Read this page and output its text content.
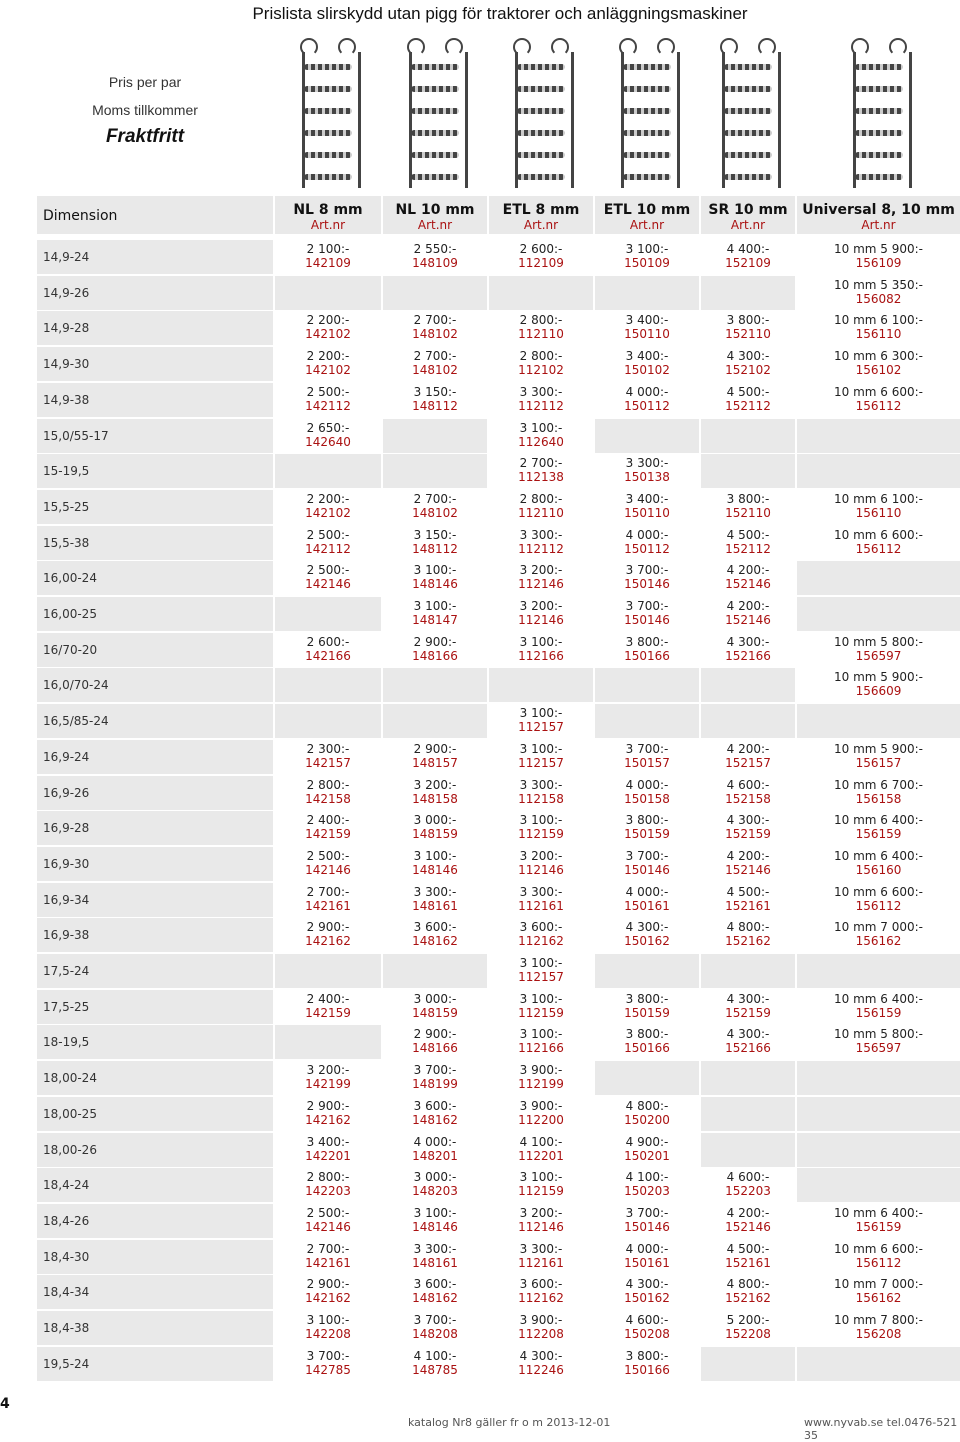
Prislista slirskydd utan pigg för traktorer och anläggningsmaskiner
Pris per par
Moms tillkommer
Fraktfritt
Dimension	NL 8 mm
Art.nr
NL 10 mm
Art.nr
ETL 8 mm
Art.nr
ETL 10 mm
Art.nr
SR 10 mm
Art.nr
Universal 8, 10 mm
Art.nr
14,9-24
2 100:-
142109
2 550:-
148109
2 600:-
112109
3 100:-
150109
4 400:-
152109
10 mm 5 900:-
156109
14,9-26
10 mm 5 350:-
156082
14,9-28
2 200:-
142102
2 700:-
148102
2 800:-
112110
3 400:-
150110
3 800:-
152110
10 mm 6 100:-
156110
14,9-30
2 200:-
142102
2 700:-
148102
2 800:-
112102
3 400:-
150102
4 300:-
152102
10 mm 6 300:-
156102
14,9-38
2 500:-
142112
3 150:-
148112
3 300:-
112112
4 000:-
150112
4 500:-
152112
10 mm 6 600:-
156112
15,0/55-17
2 650:-
142640
3 100:-
112640
15-19,5
2 700:-
112138
3 300:-
150138
15,5-25
2 200:-
142102
2 700:-
148102
2 800:-
112110
3 400:-
150110
3 800:-
152110
10 mm 6 100:-
156110
15,5-38
2 500:-
142112
3 150:-
148112
3 300:-
112112
4 000:-
150112
4 500:-
152112
10 mm 6 600:-
156112
16,00-24
2 500:-
142146
3 100:-
148146
3 200:-
112146
3 700:-
150146
4 200:-
152146
16,00-25
3 100:-
148147
3 200:-
112146
3 700:-
150146
4 200:-
152146
16/70-20
2 600:-
142166
2 900:-
148166
3 100:-
112166
3 800:-
150166
4 300:-
152166
10 mm 5 800:-
156597
16,0/70-24
10 mm 5 900:-
156609
16,5/85-24
3 100:-
112157
16,9-24
2 300:-
142157
2 900:-
148157
3 100:-
112157
3 700:-
150157
4 200:-
152157
10 mm 5 900:-
156157
16,9-26
2 800:-
142158
3 200:-
148158
3 300:-
112158
4 000:-
150158
4 600:-
152158
10 mm 6 700:-
156158
16,9-28
2 400:-
142159
3 000:-
148159
3 100:-
112159
3 800:-
150159
4 300:-
152159
10 mm 6 400:-
156159
16,9-30
2 500:-
142146
3 100:-
148146
3 200:-
112146
3 700:-
150146
4 200:-
152146
10 mm 6 400:-
156160
16,9-34
2 700:-
142161
3 300:-
148161
3 300:-
112161
4 000:-
150161
4 500:-
152161
10 mm 6 600:-
156112
16,9-38
2 900:-
142162
3 600:-
148162
3 600:-
112162
4 300:-
150162
4 800:-
152162
10 mm 7 000:-
156162
17,5-24
3 100:-
112157
17,5-25
2 400:-
142159
3 000:-
148159
3 100:-
112159
3 800:-
150159
4 300:-
152159
10 mm 6 400:-
156159
18-19,5
2 900:-
148166
3 100:-
112166
3 800:-
150166
4 300:-
152166
10 mm 5 800:-
156597
18,00-24
3 200:-
142199
3 700:-
148199
3 900:-
112199
18,00-25
2 900:-
142162
3 600:-
148162
3 900:-
112200
4 800:-
150200
18,00-26
3 400:-
142201
4 000:-
148201
4 100:-
112201
4 900:-
150201
18,4-24
2 800:-
142203
3 000:-
148203
3 100:-
112159
4 100:-
150203
4 600:-
152203
18,4-26
2 500:-
142146
3 100:-
148146
3 200:-
112146
3 700:-
150146
4 200:-
152146
10 mm 6 400:-
156159
18,4-30
2 700:-
142161
3 300:-
148161
3 300:-
112161
4 000:-
150161
4 500:-
152161
10 mm 6 600:-
156112
18,4-34
2 900:-
142162
3 600:-
148162
3 600:-
112162
4 300:-
150162
4 800:-
152162
10 mm 7 000:-
156162
18,4-38
3 100:-
142208
3 700:-
148208
3 900:-
112208
4 600:-
150208
5 200:-
152208
10 mm 7 800:-
156208
19,5-24
3 700:-
142785
4 100:-
148785
4 300:-
112246
3 800:-
150166
4
katalog Nr8 gäller fr o m 2013-12-01	www.nyvab.se tel.0476-521 35
